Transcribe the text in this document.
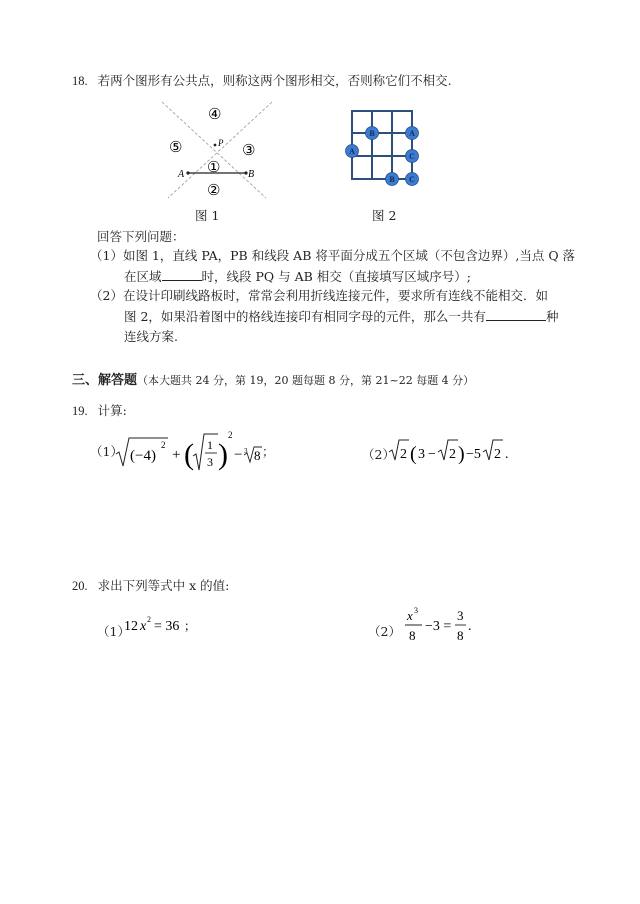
18. 若两个图形有公共点，则称这两个图形相交，否则称它们不相交.
P
A	B
④
⑤	③
①
②
图 1
B	A
A
C
B C
图 2
回答下列问题：
（1）如图 1，直线 PA，PB 和线段 AB 将平面分成五个区域（不包含边界）,当点 Q 落
在区域	时，线段 PQ 与 AB 相交（直接填写区域序号）;
（2）在设计印刷线路板时，常常会利用折线连接元件，要求所有连线不能相交．如
图 2，如果沿着图中的格线连接印有相同字母的元件，那么一共有	种
连线方案.
三、解答题（本大题共 24 分，第 19，20 题每题 8 分，第 21~22 每题 4 分）
19. 计算:
（1） (−4)
2
+ ( 1
3 )
2
− 3 8 ；	（2） 2 ( 3 − 2 ) −5 2 .
20. 求出下列等式中 x 的值:
（1）
12 x 2 = 36 ；	（2）
x 3
8
−3 =
3
8
.
